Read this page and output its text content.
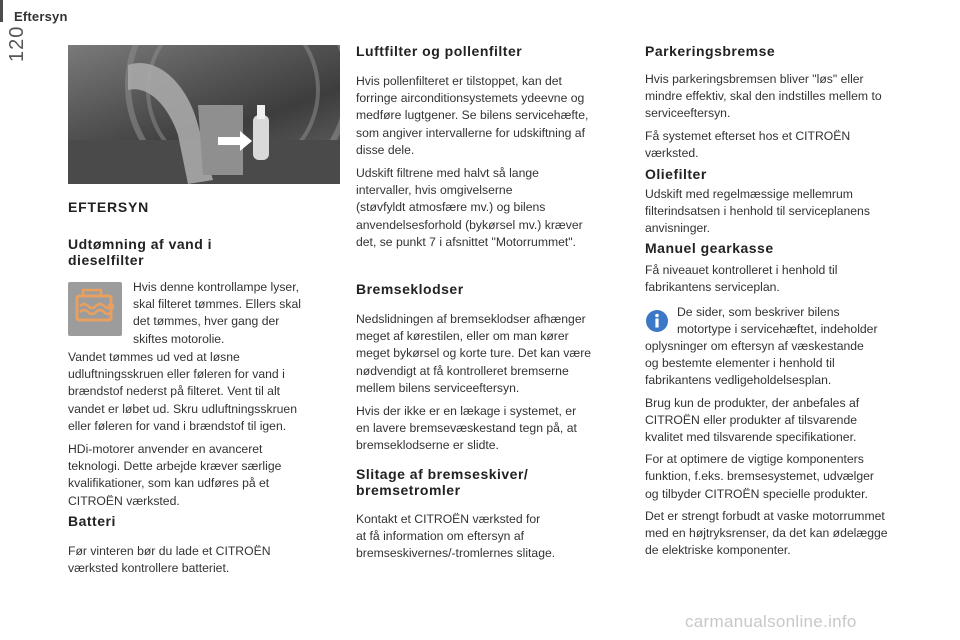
Eftersyn
120
EFTERSYN
Udtømning af vand i
dieselfilter

Hvis denne kontrollampe lyser,

skal filteret tømmes. Ellers skal

det tømmes, hver gang der

skiftes motorolie.

Vandet tømmes ud ved at løsne

udluftningsskruen eller føleren for vand i

brændstof nederst på filteret. Vent til alt

vandet er løbet ud. Skru udluftningsskruen

eller føleren for vand i brændstof til igen.

HDi-motorer anvender en avanceret

teknologi. Dette arbejde kræver særlige

kvalifikationer, som kan udføres på et

CITROËN værksted.

Batteri

Før vinteren bør du lade et CITROËN

værksted kontrollere batteriet.

Luftfilter og pollenfilter

Hvis pollenfilteret er tilstoppet, kan det

forringe airconditionsystemets ydeevne og

medføre lugtgener. Se bilens servicehæfte,

som angiver intervallerne for udskiftning af

disse dele.

Udskift filtrene med halvt så lange

intervaller, hvis omgivelserne

(støvfyldt atmosfære mv.) og bilens

anvendelsesforhold (bykørsel mv.) kræver

det, se punkt 7 i afsnittet "Motorrummet".

Bremseklodser

Nedslidningen af bremseklodser afhænger

meget af kørestilen, eller om man kører

meget bykørsel og korte ture. Det kan være

nødvendigt at få kontrolleret bremserne

mellem bilens serviceeftersyn.

Hvis der ikke er en lækage i systemet, er

en lavere bremsevæskestand tegn på, at

bremseklodserne er slidte.

Slitage af bremseskiver/
bremsetromler

Kontakt et CITROËN værksted for

at få information om eftersyn af

bremseskivernes/-tromlernes slitage.

Parkeringsbremse

Hvis parkeringsbremsen bliver "løs" eller

mindre effektiv, skal den indstilles mellem to

serviceeftersyn.

Få systemet efterset hos et CITROËN

værksted.

Oliefilter

Udskift med regelmæssige mellemrum

filterindsatsen i henhold til serviceplanens

anvisninger.

Manuel gearkasse

Få niveauet kontrolleret i henhold til

fabrikantens serviceplan.

De sider, som beskriver bilens

motortype i servicehæftet, indeholder

oplysninger om eftersyn af væskestande

og bestemte elementer i henhold til

fabrikantens vedligeholdelsesplan.

Brug kun de produkter, der anbefales af

CITROËN eller produkter af tilsvarende

kvalitet med tilsvarende specifikationer.

For at optimere de vigtige komponenters

funktion, f.eks. bremsesystemet, udvælger

og tilbyder CITROËN specielle produkter.

Det er strengt forbudt at vaske motorrummet

med en højtryksrenser, da det kan ødelægge

de elektriske komponenter.

carmanualsonline.info
